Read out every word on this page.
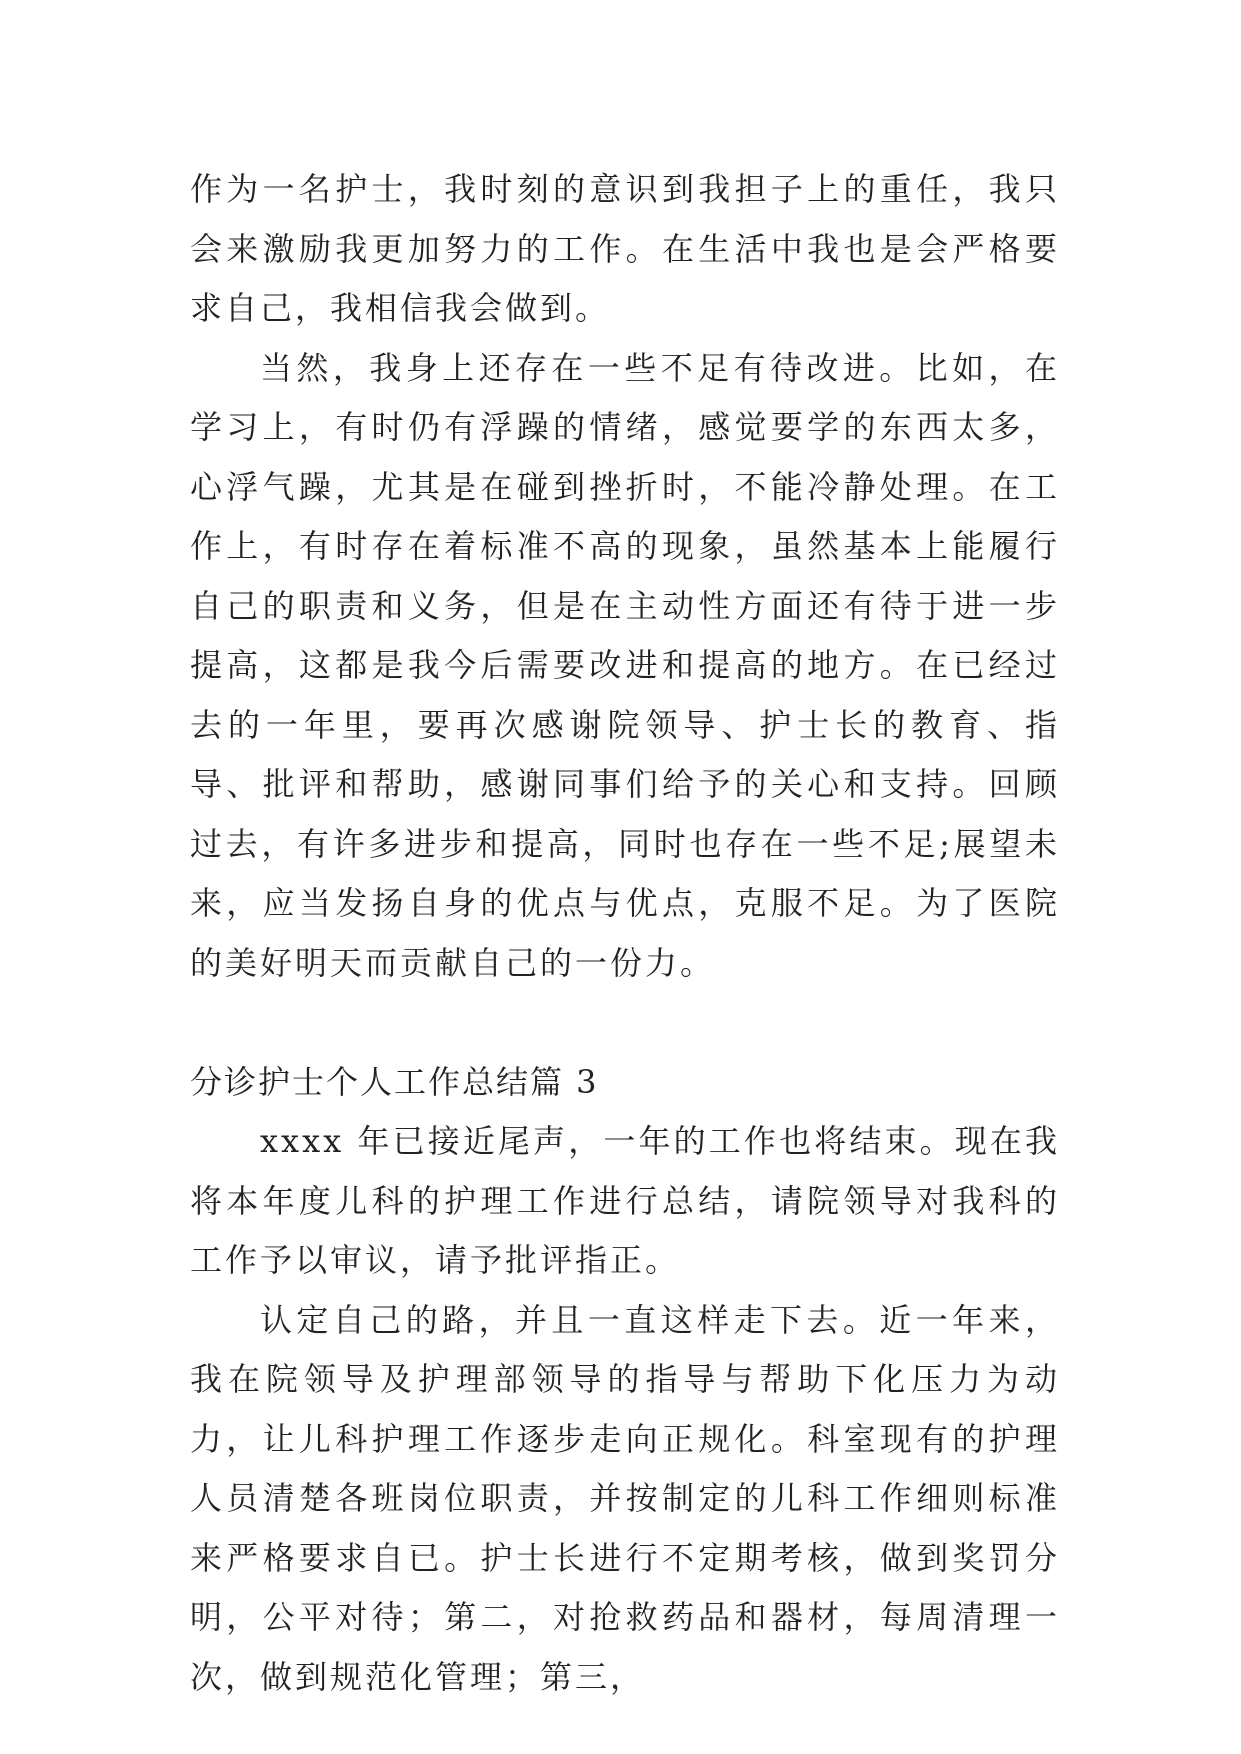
作为一名护士，我时刻的意识到我担子上的重任，我只会来激励我更加努力的工作。在生活中我也是会严格要求自己，我相信我会做到。

当然，我身上还存在一些不足有待改进。比如，在学习上，有时仍有浮躁的情绪，感觉要学的东西太多，心浮气躁，尤其是在碰到挫折时，不能冷静处理。在工作上，有时存在着标准不高的现象，虽然基本上能履行自己的职责和义务，但是在主动性方面还有待于进一步提高，这都是我今后需要改进和提高的地方。在已经过去的一年里，要再次感谢院领导、护士长的教育、指导、批评和帮助，感谢同事们给予的关心和支持。回顾过去，有许多进步和提高，同时也存在一些不足;展望未来，应当发扬自身的优点与优点，克服不足。为了医院的美好明天而贡献自己的一份力。

分诊护士个人工作总结篇 3

xxxx 年已接近尾声，一年的工作也将结束。现在我将本年度儿科的护理工作进行总结，请院领导对我科的工作予以审议，请予批评指正。

认定自己的路，并且一直这样走下去。近一年来，我在院领导及护理部领导的指导与帮助下化压力为动力，让儿科护理工作逐步走向正规化。科室现有的护理人员清楚各班岗位职责，并按制定的儿科工作细则标准来严格要求自已。护士长进行不定期考核，做到奖罚分明，公平对待；第二，对抢救药品和器材，每周清理一次，做到规范化管理；第三，
